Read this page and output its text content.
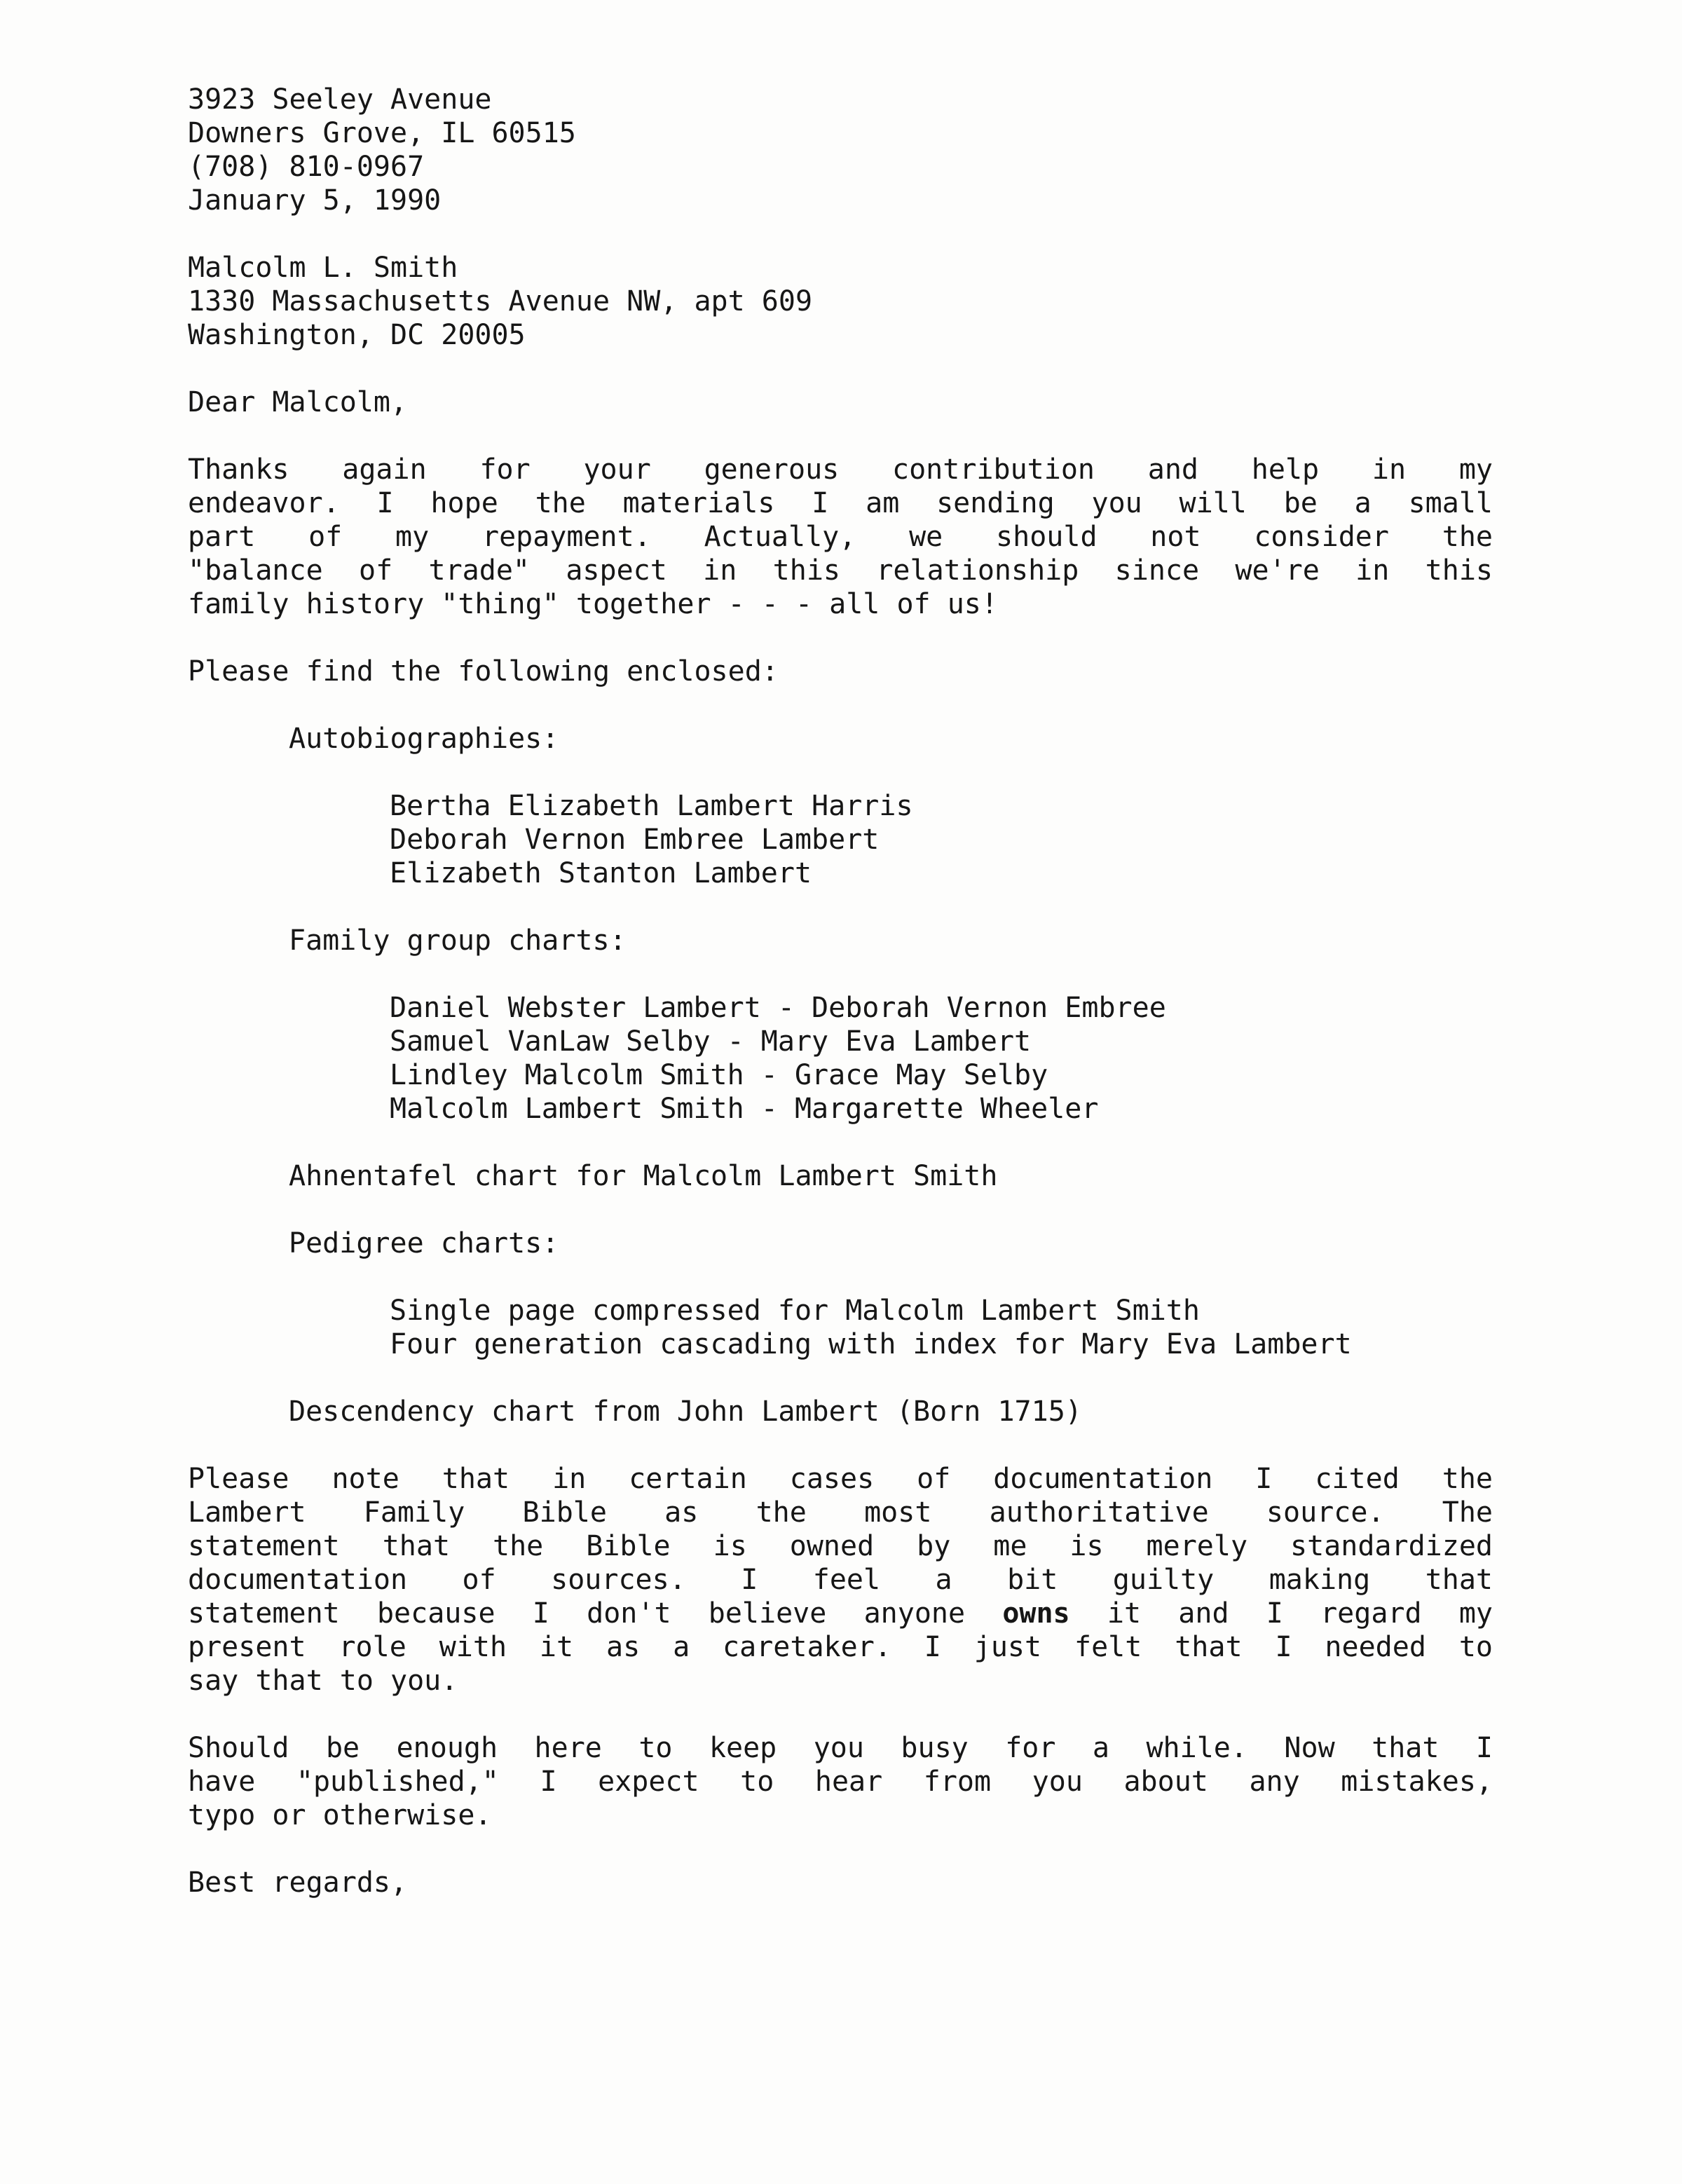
3923 Seeley Avenue
Downers Grove, IL 60515
(708) 810-0967
January 5, 1990
Malcolm L. Smith
1330 Massachusetts Avenue NW, apt 609
Washington, DC 20005
Dear Malcolm,
Thanks again for your generous contribution and help in my
endeavor. I hope the materials I am sending you will be a small
part of my repayment. Actually, we should not consider the
"balance of trade" aspect in this relationship since we're in this
family history "thing" together - - - all of us!
Please find the following enclosed:
Autobiographies:
Bertha Elizabeth Lambert Harris
Deborah Vernon Embree Lambert
Elizabeth Stanton Lambert
Family group charts:
Daniel Webster Lambert - Deborah Vernon Embree
Samuel VanLaw Selby - Mary Eva Lambert
Lindley Malcolm Smith - Grace May Selby
Malcolm Lambert Smith - Margarette Wheeler
Ahnentafel chart for Malcolm Lambert Smith
Pedigree charts:
Single page compressed for Malcolm Lambert Smith
Four generation cascading with index for Mary Eva Lambert
Descendency chart from John Lambert (Born 1715)
Please note that in certain cases of documentation I cited the
Lambert Family Bible as the most authoritative source. The
statement that the Bible is owned by me is merely standardized
documentation of sources. I feel a bit guilty making that
statement because I don't believe anyone owns it and I regard my
present role with it as a caretaker. I just felt that I needed to
say that to you.
Should be enough here to keep you busy for a while. Now that I
have "published," I expect to hear from you about any mistakes,
typo or otherwise.
Best regards,
